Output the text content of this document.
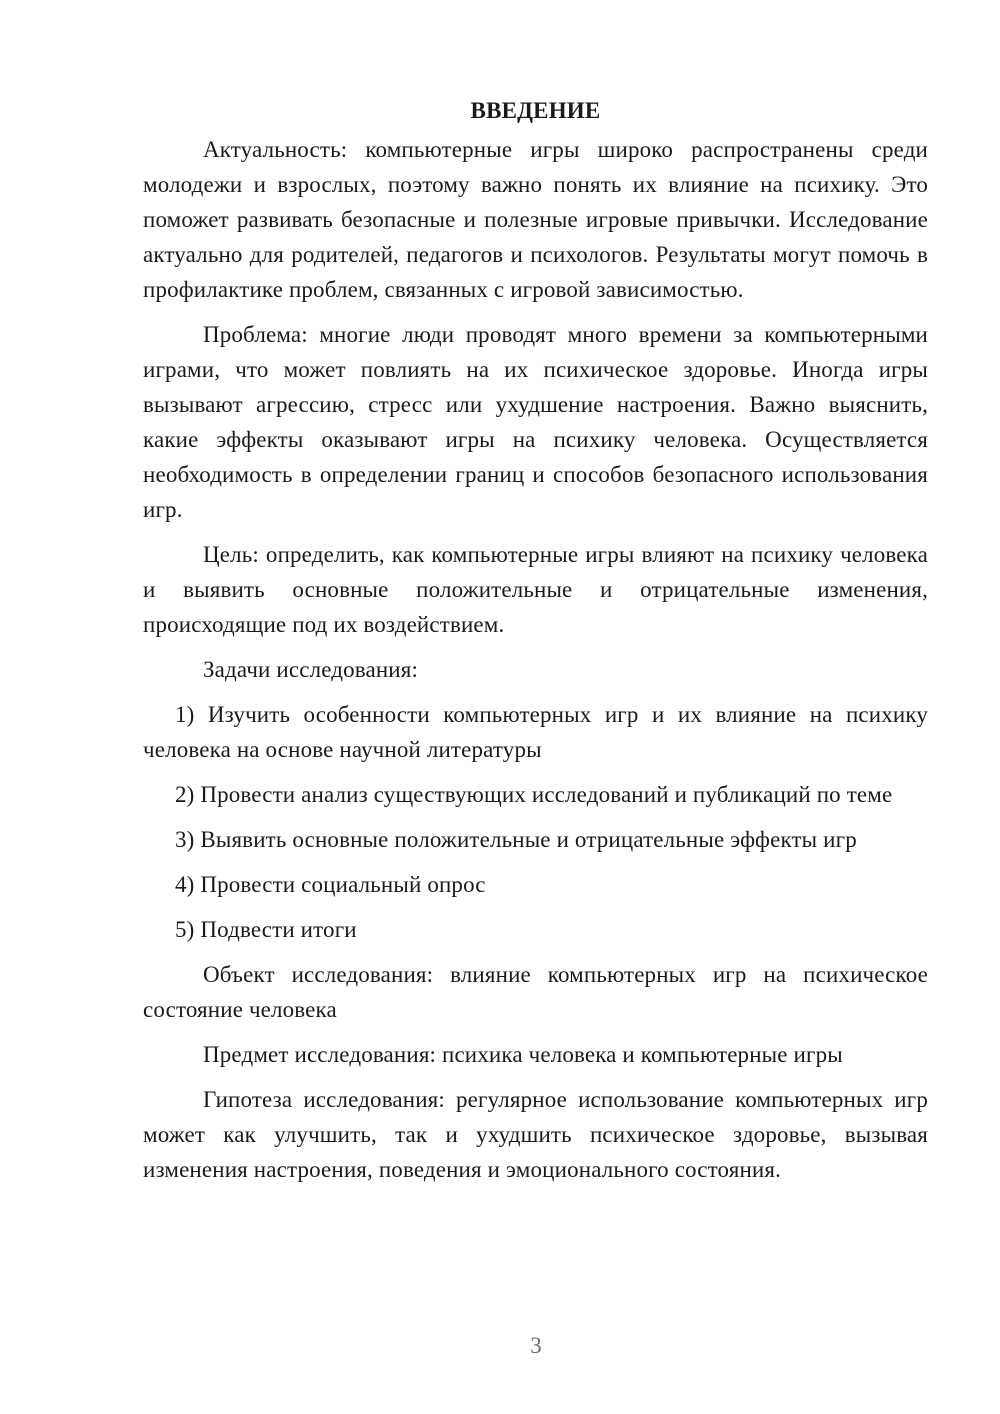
ВВЕДЕНИЕ

Актуальность: компьютерные игры широко распространены среди молодежи и взрослых, поэтому важно понять их влияние на психику. Это поможет развивать безопасные и полезные игровые привычки. Исследование актуально для родителей, педагогов и психологов. Результаты могут помочь в профилактике проблем, связанных с игровой зависимостью.

Проблема: многие люди проводят много времени за компьютерными играми, что может повлиять на их психическое здоровье. Иногда игры вызывают агрессию, стресс или ухудшение настроения. Важно выяснить, какие эффекты оказывают игры на психику человека. Осуществляется необходимость в определении границ и способов безопасного использования игр.

Цель: определить, как компьютерные игры влияют на психику человека и выявить основные положительные и отрицательные изменения, происходящие под их воздействием.

Задачи исследования:

1) Изучить особенности компьютерных игр и их влияние на психику человека на основе научной литературы

2) Провести анализ существующих исследований и публикаций по теме

3) Выявить основные положительные и отрицательные эффекты игр

4) Провести социальный опрос

5) Подвести итоги

Объект исследования: влияние компьютерных игр на психическое состояние человека

Предмет исследования: психика человека и компьютерные игры

Гипотеза исследования: регулярное использование компьютерных игр может как улучшить, так и ухудшить психическое здоровье, вызывая изменения настроения, поведения и эмоционального состояния.

3
